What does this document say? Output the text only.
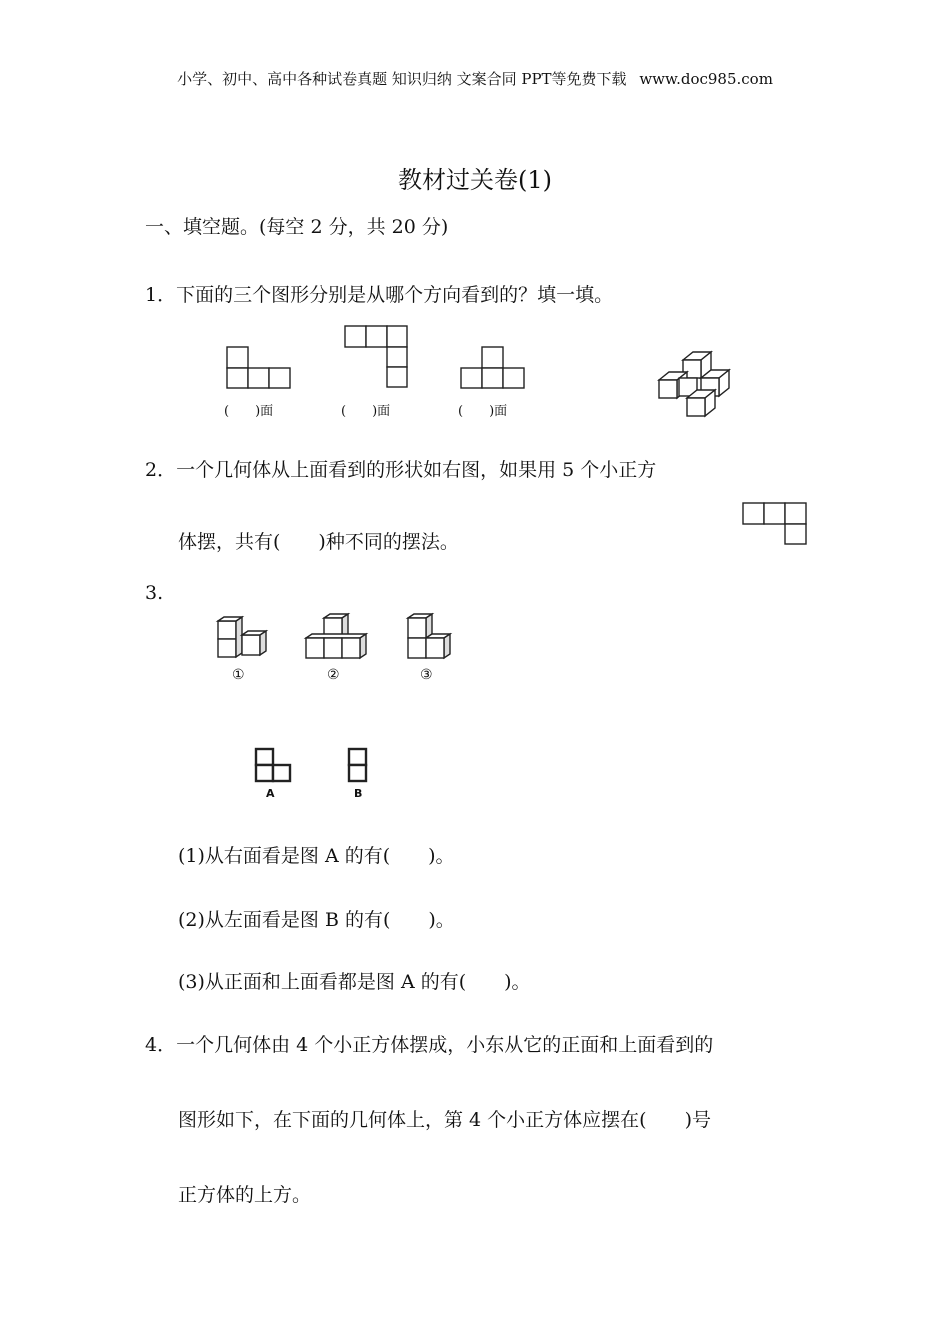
小学、初中、高中各种试卷真题 知识归纳 文案合同 PPT等免费下载 www.doc985.com
教材过关卷(1)
一、填空题。(每空 2 分，共 20 分)
1．下面的三个图形分别是从哪个方向看到的？填一填。
(　　)面	(　　)面	(　　)面
2．一个几何体从上面看到的形状如右图，如果用 5 个小正方
体摆，共有(　　)种不同的摆法。
3.
①	②	③
A	B
(1)从右面看是图 A 的有(　　)。
(2)从左面看是图 B 的有(　　)。
(3)从正面和上面看都是图 A 的有(　　)。
4．一个几何体由 4 个小正方体摆成，小东从它的正面和上面看到的
图形如下，在下面的几何体上，第 4 个小正方体应摆在(　　)号
正方体的上方。
